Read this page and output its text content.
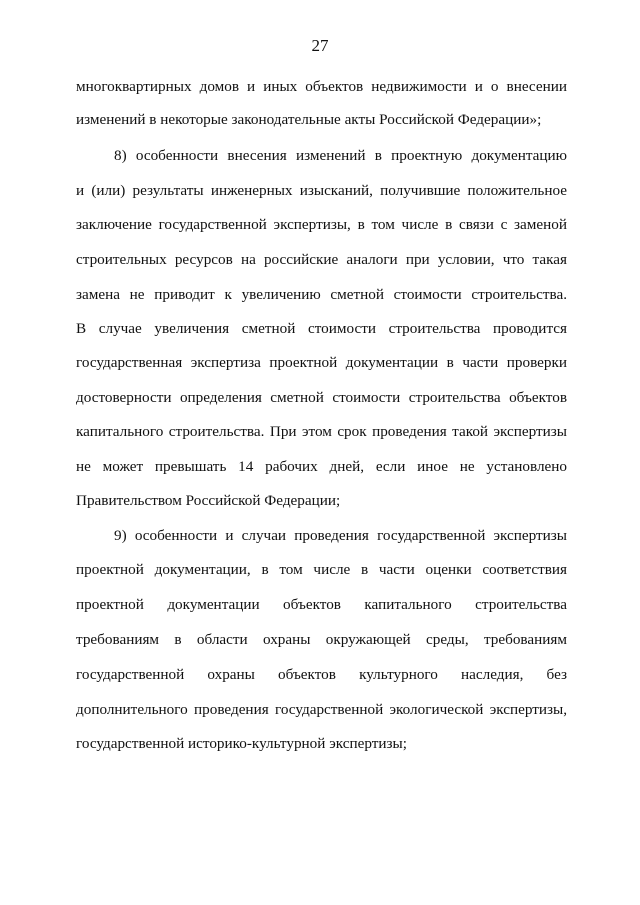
27
многоквартирных домов и иных объектов недвижимости и о внесении
изменений в некоторые законодательные акты Российской Федерации»;
8) особенности внесения изменений в проектную документацию
и (или) результаты инженерных изысканий, получившие положительное
заключение государственной экспертизы, в том числе в связи с заменой
строительных ресурсов на российские аналоги при условии, что такая
замена не приводит к увеличению сметной стоимости строительства.
В случае увеличения сметной стоимости строительства проводится
государственная экспертиза проектной документации в части проверки
достоверности определения сметной стоимости строительства объектов
капитального строительства. При этом срок проведения такой экспертизы
не может превышать 14 рабочих дней, если иное не установлено
Правительством Российской Федерации;
9) особенности и случаи проведения государственной экспертизы
проектной документации, в том числе в части оценки соответствия
проектной документации объектов капитального строительства
требованиям в области охраны окружающей среды, требованиям
государственной охраны объектов культурного наследия, без
дополнительного проведения государственной экологической экспертизы,
государственной историко-культурной экспертизы;
